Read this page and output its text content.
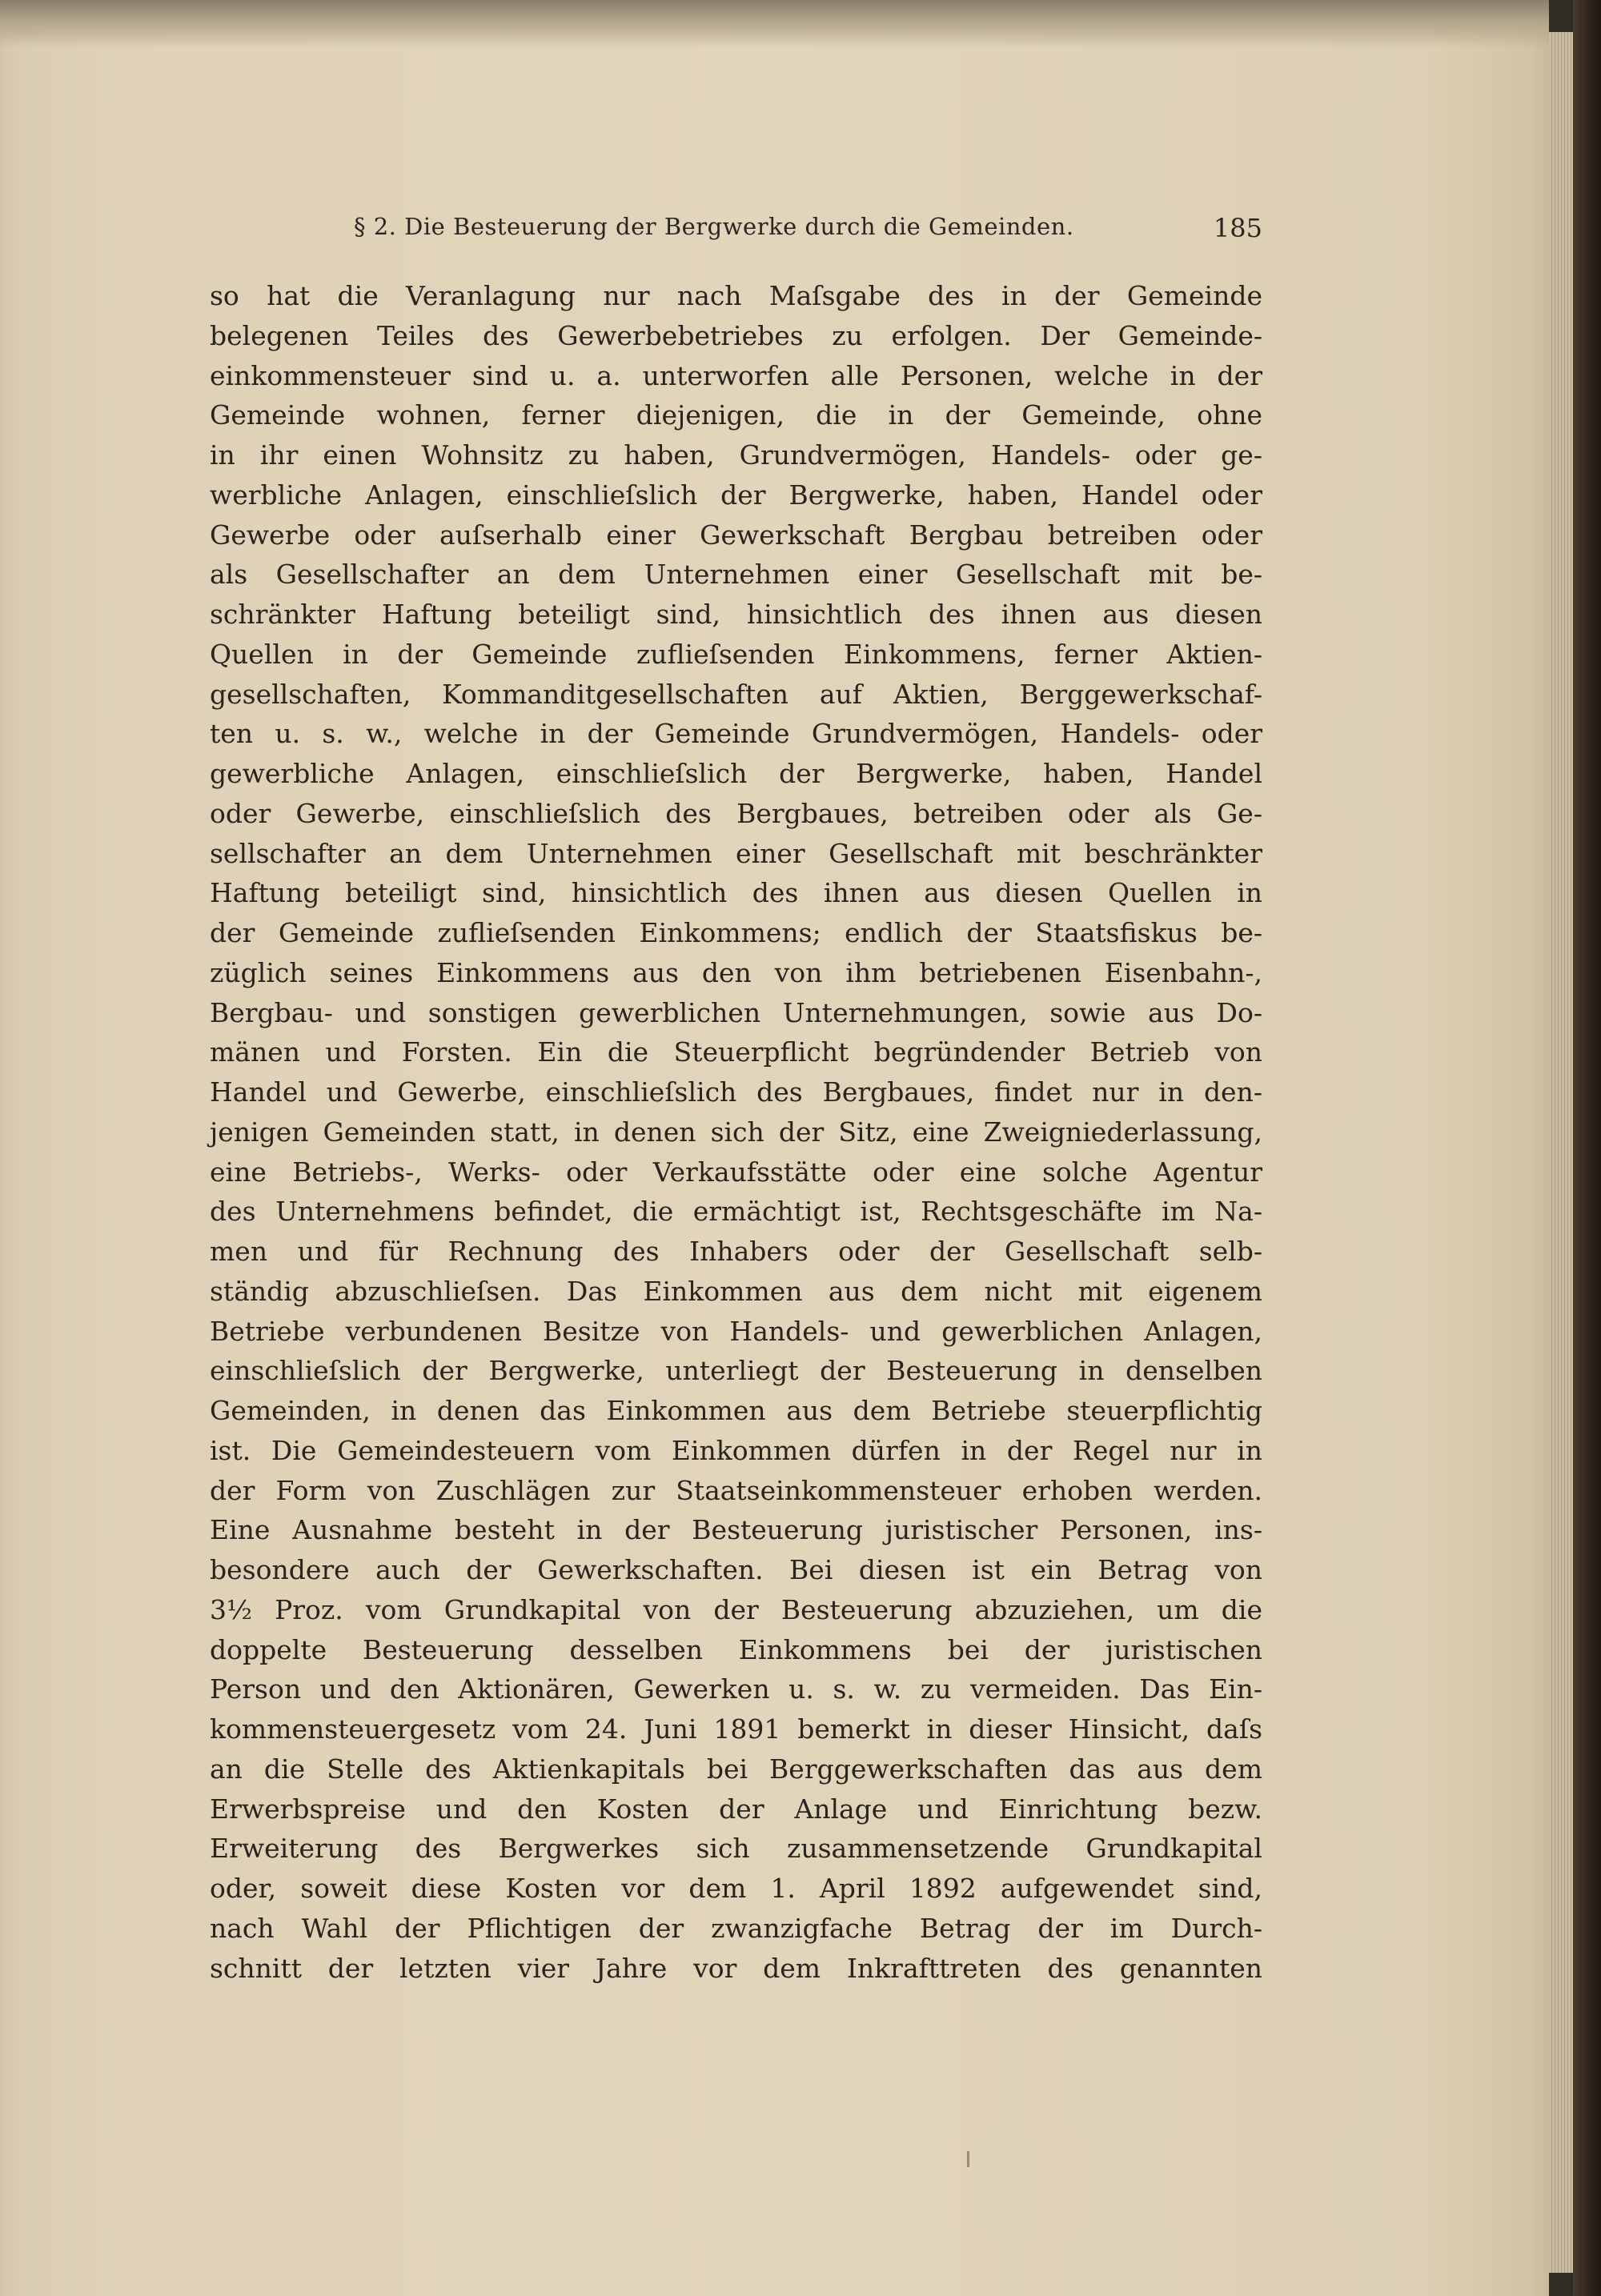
§ 2. Die Besteuerung der Bergwerke durch die Gemeinden.	185
so hat die Veranlagung nur nach Maſsgabe des in der Gemeinde
belegenen Teiles des Gewerbebetriebes zu erfolgen. Der Gemeinde-
einkommensteuer sind u. a. unterworfen alle Personen, welche in der
Gemeinde wohnen, ferner diejenigen, die in der Gemeinde, ohne
in ihr einen Wohnsitz zu haben, Grundvermögen, Handels- oder ge-
werbliche Anlagen, einschlieſslich der Bergwerke, haben, Handel oder
Gewerbe oder auſserhalb einer Gewerkschaft Bergbau betreiben oder
als Gesellschafter an dem Unternehmen einer Gesellschaft mit be-
schränkter Haftung beteiligt sind, hinsichtlich des ihnen aus diesen
Quellen in der Gemeinde zuflieſsenden Einkommens, ferner Aktien-
gesellschaften, Kommanditgesellschaften auf Aktien, Berggewerkschaf-
ten u. s. w., welche in der Gemeinde Grundvermögen, Handels- oder
gewerbliche Anlagen, einschlieſslich der Bergwerke, haben, Handel
oder Gewerbe, einschlieſslich des Bergbaues, betreiben oder als Ge-
sellschafter an dem Unternehmen einer Gesellschaft mit beschränkter
Haftung beteiligt sind, hinsichtlich des ihnen aus diesen Quellen in
der Gemeinde zuflieſsenden Einkommens; endlich der Staatsfiskus be-
züglich seines Einkommens aus den von ihm betriebenen Eisenbahn-,
Bergbau- und sonstigen gewerblichen Unternehmungen, sowie aus Do-
mänen und Forsten. Ein die Steuerpflicht begründender Betrieb von
Handel und Gewerbe, einschlieſslich des Bergbaues, findet nur in den-
jenigen Gemeinden statt, in denen sich der Sitz, eine Zweigniederlassung,
eine Betriebs-, Werks- oder Verkaufsstätte oder eine solche Agentur
des Unternehmens befindet, die ermächtigt ist, Rechtsgeschäfte im Na-
men und für Rechnung des Inhabers oder der Gesellschaft selb-
ständig abzuschlieſsen. Das Einkommen aus dem nicht mit eigenem
Betriebe verbundenen Besitze von Handels- und gewerblichen Anlagen,
einschlieſslich der Bergwerke, unterliegt der Besteuerung in denselben
Gemeinden, in denen das Einkommen aus dem Betriebe steuerpflichtig
ist. Die Gemeindesteuern vom Einkommen dürfen in der Regel nur in
der Form von Zuschlägen zur Staatseinkommensteuer erhoben werden.
Eine Ausnahme besteht in der Besteuerung juristischer Personen, ins-
besondere auch der Gewerkschaften. Bei diesen ist ein Betrag von
3½ Proz. vom Grundkapital von der Besteuerung abzuziehen, um die
doppelte Besteuerung desselben Einkommens bei der juristischen
Person und den Aktionären, Gewerken u. s. w. zu vermeiden. Das Ein-
kommensteuergesetz vom 24. Juni 1891 bemerkt in dieser Hinsicht, daſs
an die Stelle des Aktienkapitals bei Berggewerkschaften das aus dem
Erwerbspreise und den Kosten der Anlage und Einrichtung bezw.
Erweiterung des Bergwerkes sich zusammensetzende Grundkapital
oder, soweit diese Kosten vor dem 1. April 1892 aufgewendet sind,
nach Wahl der Pflichtigen der zwanzigfache Betrag der im Durch-
schnitt der letzten vier Jahre vor dem Inkrafttreten des genannten
